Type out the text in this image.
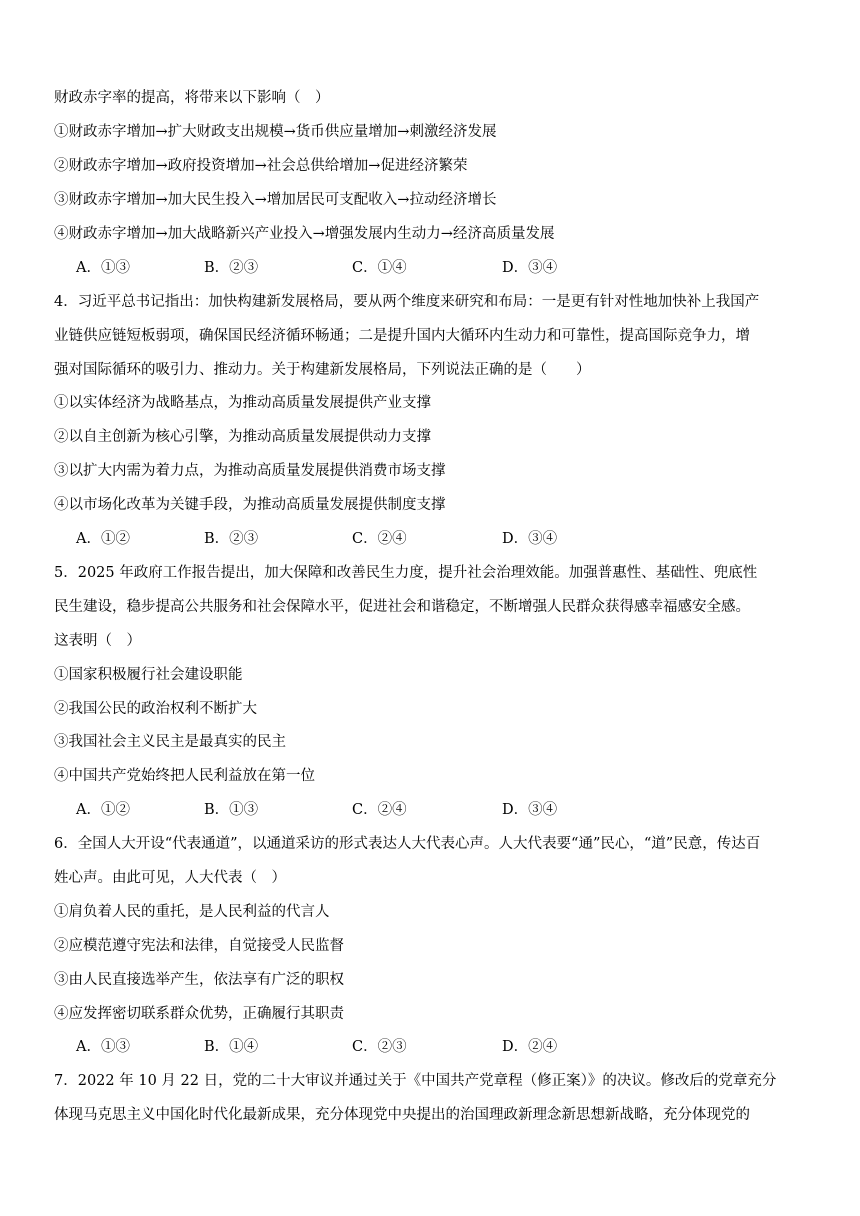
财政赤字率的提高，将带来以下影响（　）
①财政赤字增加→扩大财政支出规模→货币供应量增加→刺激经济发展
②财政赤字增加→政府投资增加→社会总供给增加→促进经济繁荣
③财政赤字增加→加大民生投入→增加居民可支配收入→拉动经济增长
④财政赤字增加→加大战略新兴产业投入→增强发展内生动力→经济高质量发展
A．①③	B．②③	C．①④	D．③④
4．习近平总书记指出：加快构建新发展格局，要从两个维度来研究和布局：一是更有针对性地加快补上我国产
业链供应链短板弱项，确保国民经济循环畅通；二是提升国内大循环内生动力和可靠性，提高国际竞争力，增
强对国际循环的吸引力、推动力。关于构建新发展格局，下列说法正确的是（　　）
①以实体经济为战略基点，为推动高质量发展提供产业支撑
②以自主创新为核心引擎，为推动高质量发展提供动力支撑
③以扩大内需为着力点，为推动高质量发展提供消费市场支撑
④以市场化改革为关键手段，为推动高质量发展提供制度支撑
A．①②	B．②③	C．②④	D．③④
5．2025 年政府工作报告提出，加大保障和改善民生力度，提升社会治理效能。加强普惠性、基础性、兜底性
民生建设，稳步提高公共服务和社会保障水平，促进社会和谐稳定，不断增强人民群众获得感幸福感安全感。
这表明（　）
①国家积极履行社会建设职能
②我国公民的政治权利不断扩大
③我国社会主义民主是最真实的民主
④中国共产党始终把人民利益放在第一位
A．①②	B．①③	C．②④	D．③④
6．全国人大开设“代表通道”，以通道采访的形式表达人大代表心声。人大代表要“通”民心，“道”民意，传达百
姓心声。由此可见，人大代表（　）
①肩负着人民的重托，是人民利益的代言人
②应模范遵守宪法和法律，自觉接受人民监督
③由人民直接选举产生，依法享有广泛的职权
④应发挥密切联系群众优势，正确履行其职责
A．①③	B．①④	C．②③	D．②④
7．2022 年 10 月 22 日，党的二十大审议并通过关于《中国共产党章程（修正案）》的决议。修改后的党章充分
体现马克思主义中国化时代化最新成果，充分体现党中央提出的治国理政新理念新思想新战略，充分体现党的
